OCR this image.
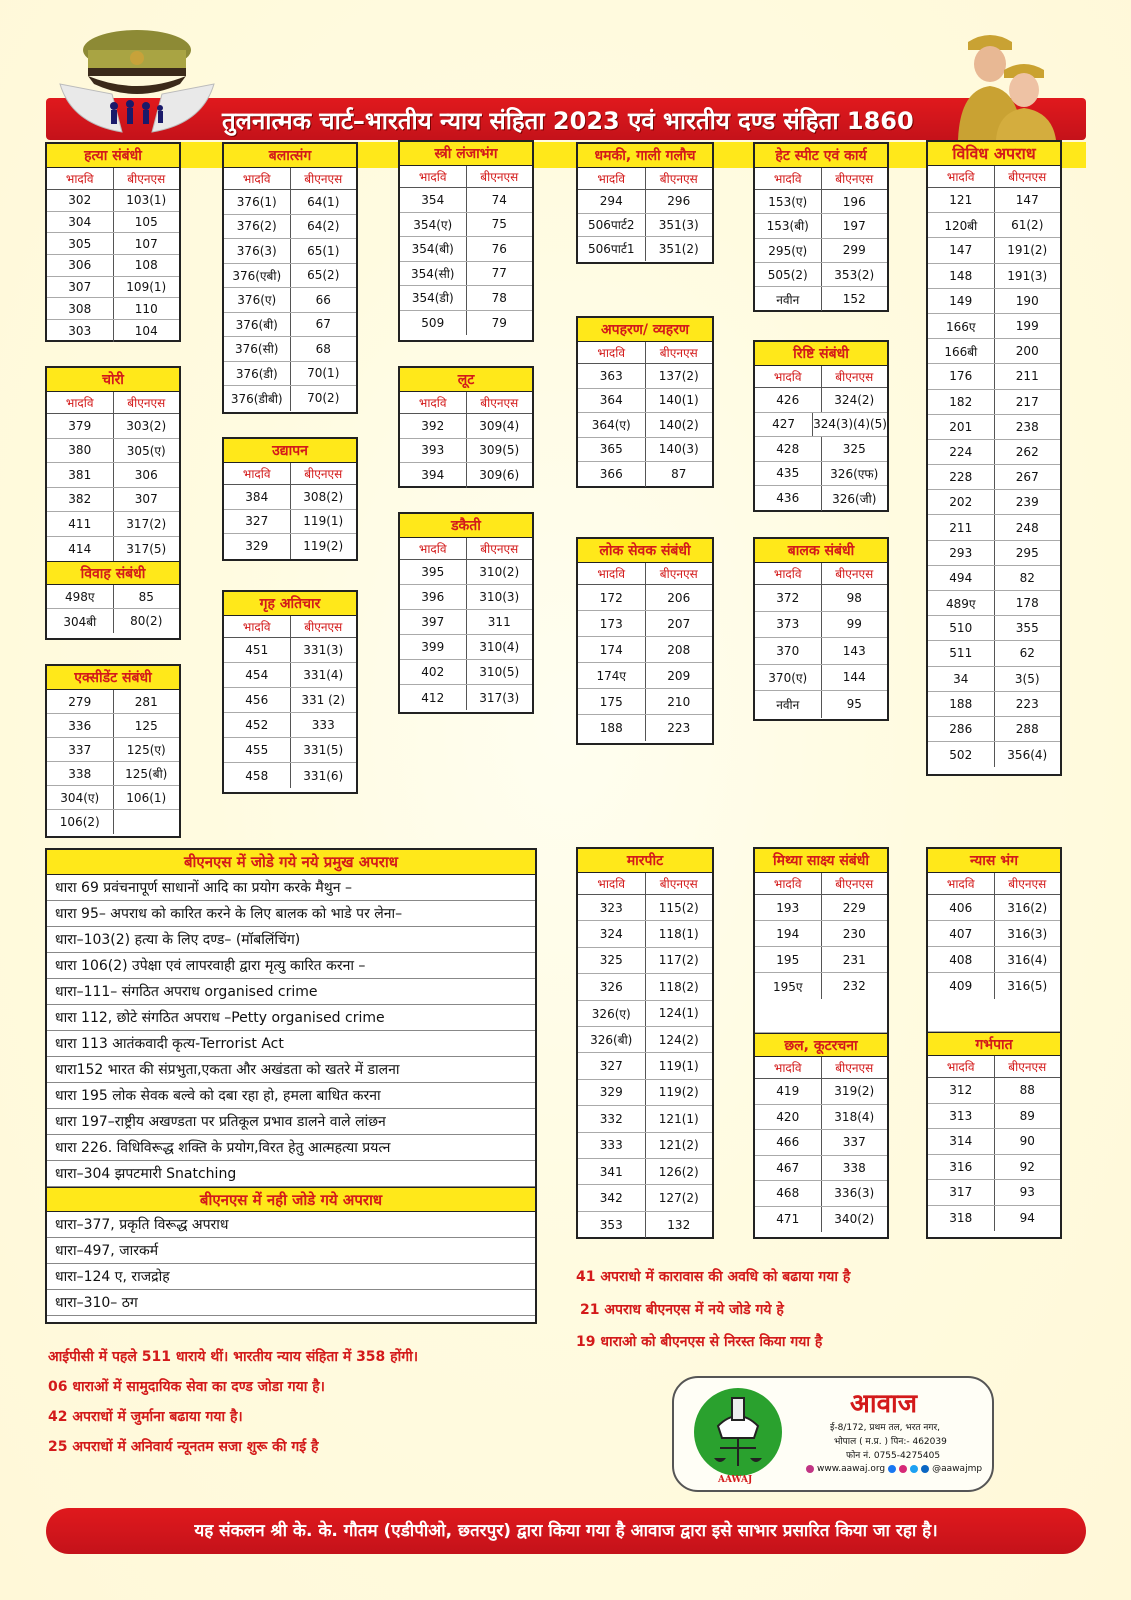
तुलनात्मक चार्ट–भारतीय न्याय संहिता 2023 एवं भारतीय दण्ड संहिता 1860
हत्या संबंधी
भादवि	बीएनएस
302	103(1)
304	105
305	107
306	108
307	109(1)
308	110
303	104
बलात्संग
भादवि	बीएनएस
376(1)	64(1)
376(2)	64(2)
376(3)	65(1)
376(एबी)	65(2)
376(ए)	66
376(बी)	67
376(सी)	68
376(डी)	70(1)
376(डीबी)	70(2)
स्त्री लंजाभंग
भादवि	बीएनएस
354	74
354(ए)	75
354(बी)	76
354(सी)	77
354(डी)	78
509	79
धमकी, गाली गलौच
भादवि	बीएनएस
294	296
506पार्ट2	351(3)
506पार्ट1	351(2)
हेट स्पीट एवं कार्य
भादवि	बीएनएस
153(ए)	196
153(बी)	197
295(ए)	299
505(2)	353(2)
नवीन	152
विविध अपराध
भादवि	बीएनएस
121	147
120बी	61(2)
147	191(2)
148	191(3)
149	190
166ए	199
166बी	200
176	211
182	217
201	238
224	262
228	267
202	239
211	248
293	295
494	82
489ए	178
510	355
511	62
34	3(5)
188	223
286	288
502	356(4)
चोरी
भादवि	बीएनएस
379	303(2)
380	305(ए)
381	306
382	307
411	317(2)
414	317(5)
विवाह संबंधी
498ए	85
304बी	80(2)
उद्यापन
भादवि	बीएनएस
384	308(2)
327	119(1)
329	119(2)
लूट
भादवि	बीएनएस
392	309(4)
393	309(5)
394	309(6)
अपहरण/ व्यहरण
भादवि	बीएनएस
363	137(2)
364	140(1)
364(ए)	140(2)
365	140(3)
366	87
रिष्टि संबंधी
भादवि	बीएनएस
426	324(2)
427	324(3)(4)(5)
428	325
435	326(एफ)
436	326(जी)
डकैती
भादवि	बीएनएस
395	310(2)
396	310(3)
397	311
399	310(4)
402	310(5)
412	317(3)
लोक सेवक संबंधी
भादवि	बीएनएस
172	206
173	207
174	208
174ए	209
175	210
188	223
बालक संबंधी
भादवि	बीएनएस
372	98
373	99
370	143
370(ए)	144
नवीन	95
एक्सीडेंट संबंधी
279	281
336	125
337	125(ए)
338	125(बी)
304(ए)	106(1)
106(2)
गृह अतिचार
भादवि	बीएनएस
451	331(3)
454	331(4)
456	331 (2)
452	333
455	331(5)
458	331(6)
मारपीट
भादवि	बीएनएस
323	115(2)
324	118(1)
325	117(2)
326	118(2)
326(ए)	124(1)
326(बी)	124(2)
327	119(1)
329	119(2)
332	121(1)
333	121(2)
341	126(2)
342	127(2)
353	132
मिथ्या साक्ष्य संबंधी
भादवि	बीएनएस
193	229
194	230
195	231
195ए	232
छल, कूटरचना
भादवि	बीएनएस
419	319(2)
420	318(4)
466	337
467	338
468	336(3)
471	340(2)
न्यास भंग
भादवि	बीएनएस
406	316(2)
407	316(3)
408	316(4)
409	316(5)
गर्भपात
भादवि	बीएनएस
312	88
313	89
314	90
316	92
317	93
318	94
बीएनएस में जोडे गये नये प्रमुख अपराध
धारा 69 प्रवंचनापूर्ण साधानों आदि का प्रयोग करके मैथुन –
धारा 95– अपराध को कारित करने के लिए बालक को भाडे पर लेना–
धारा–103(2) हत्या के लिए दण्ड– (मॉबलिंचिंग)
धारा 106(2) उपेक्षा एवं लापरवाही द्वारा मृत्यु कारित करना –
धारा–111– संगठित अपराध organised crime
धारा 112, छोटे संगठित अपराध –Petty organised crime
धारा 113 आतंकवादी कृत्य-Terrorist Act
धारा152 भारत की संप्रभुता,एकता और अखंडता को खतरे में डालना
धारा 195 लोक सेवक बल्वे को दबा रहा हो, हमला बाधित करना
धारा 197–राष्ट्रीय अखण्डता पर प्रतिकूल प्रभाव डालने वाले लांछन
धारा 226. विधिविरूद्ध शक्ति के प्रयोग,विरत हेतु आत्महत्या प्रयत्न
धारा–304 झपटमारी Snatching
बीएनएस में नही जोडे गये अपराध
धारा–377, प्रकृति विरूद्ध अपराध
धारा–497, जारकर्म
धारा–124 ए, राजद्रोह
धारा–310– ठग
आईपीसी में पहले 511 धाराये थीं। भारतीय न्याय संहिता में 358 होंगी।
06 धाराओं में सामुदायिक सेवा का दण्ड जोडा गया है।
42 अपराधों में जुर्माना बढाया गया है।
25 अपराधों में अनिवार्य न्यूनतम सजा शुरू की गई है
41 अपराधो में कारावास की अवधि को बढाया गया है
21 अपराध बीएनएस में नये जोडे गये हे
19 धाराओ को बीएनएस से निरस्त किया गया है
AAWAJ
आवाज
ई-8/172, प्रथम तल, भरत नगर,
भोपाल ( म.प्र. ) पिन:- 462039
फोन नं. 0755-4275405
www.aawaj.org	@aawajmp
यह संकलन श्री के. के. गौतम (एडीपीओ, छतरपुर) द्वारा किया गया है आवाज द्वारा इसे साभार प्रसारित किया जा रहा है।
